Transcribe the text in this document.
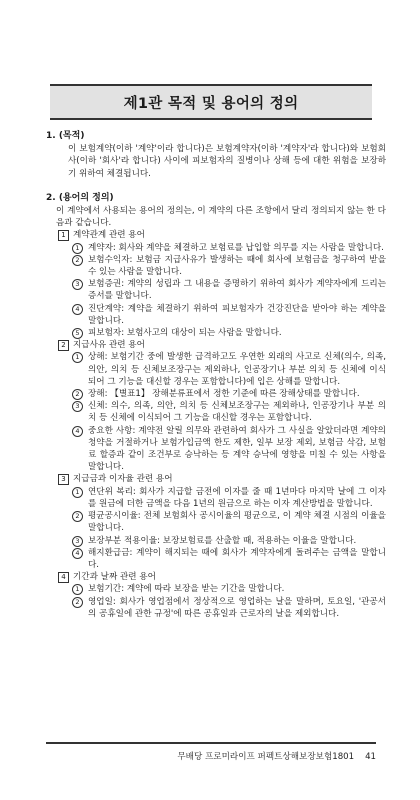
제1관 목적 및 용어의 정의
1. (목적)
이 보험계약(이하 '계약'이라 합니다)은 보험계약자(이하 '계약자'라 합니다)와 보험회사(이하 '회사'라 합니다) 사이에 피보험자의 질병이나 상해 등에 대한 위험을 보장하기 위하여 체결됩니다.
2. (용어의 정의)
이 계약에서 사용되는 용어의 정의는, 이 계약의 다른 조항에서 달리 정의되지 않는 한 다음과 같습니다.
1 계약관계 관련 용어
1 계약자: 회사와 계약을 체결하고 보험료를 납입할 의무를 지는 사람을 말합니다.
2 보험수익자: 보험금 지급사유가 발생하는 때에 회사에 보험금을 청구하여 받을 수 있는 사람을 말합니다.
3 보험증권: 계약의 성립과 그 내용을 증명하기 위하여 회사가 계약자에게 드리는 증서를 말합니다.
4 진단계약: 계약을 체결하기 위하여 피보험자가 건강진단을 받아야 하는 계약을 말합니다.
5 피보험자: 보험사고의 대상이 되는 사람을 말합니다.
2 지급사유 관련 용어
1 상해: 보험기간 중에 발생한 급격하고도 우연한 외래의 사고로 신체(의수, 의족, 의안, 의치 등 신체보조장구는 제외하나, 인공장기나 부분 의치 등 신체에 이식되어 그 기능을 대신할 경우는 포함합니다)에 입은 상해를 말합니다.
2 장해: 【별표1】 장해분류표에서 정한 기준에 따른 장해상태를 말합니다.
3 신체: 의수, 의족, 의안, 의치 등 신체보조장구는 제외하나, 인공장기나 부분 의치 등 신체에 이식되어 그 기능을 대신할 경우는 포함합니다.
4 중요한 사항: 계약전 알릴 의무와 관련하여 회사가 그 사실을 알았더라면 계약의 청약을 거절하거나 보험가입금액 한도 제한, 일부 보장 제외, 보험금 삭감, 보험료 할증과 같이 조건부로 승낙하는 등 계약 승낙에 영향을 미칠 수 있는 사항을 말합니다.
3 지급금과 이자율 관련 용어
1 연단위 복리: 회사가 지급할 금전에 이자를 줄 때 1년마다 마지막 날에 그 이자를 원금에 더한 금액을 다음 1년의 원금으로 하는 이자 계산방법을 말합니다.
2 평균공시이율: 전체 보험회사 공시이율의 평균으로, 이 계약 체결 시점의 이율을 말합니다.
3 보장부분 적용이율: 보장보험료를 산출할 때, 적용하는 이율을 말합니다.
4 해지환급금: 계약이 해지되는 때에 회사가 계약자에게 돌려주는 금액을 말합니다.
4 기간과 날짜 관련 용어
1 보험기간: 계약에 따라 보장을 받는 기간을 말합니다.
2 영업일: 회사가 영업점에서 정상적으로 영업하는 날을 말하며, 토요일, '관공서의 공휴일에 관한 규정'에 따른 공휴일과 근로자의 날을 제외합니다.
무배당 프로미라이프 퍼펙트상해보장보험1801 41
